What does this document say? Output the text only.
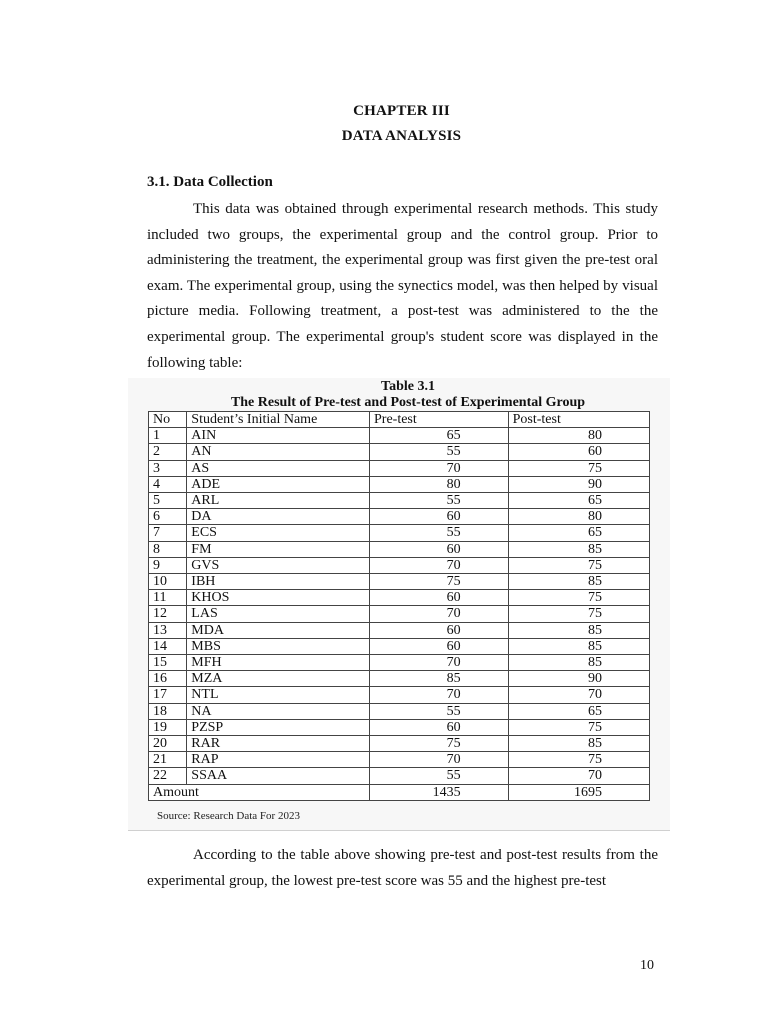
CHAPTER III
DATA ANALYSIS
3.1. Data Collection

This data was obtained through experimental research methods. This study included two groups, the experimental group and the control group. Prior to administering the treatment, the experimental group was first given the pre-test oral exam. The experimental group, using the synectics model, was then helped by visual picture media. Following treatment, a post-test was administered to the the experimental group. The experimental group's student score was displayed in the following table:

Table 3.1
The Result of Pre-test and Post-test of Experimental Group
No	Student’s Initial Name	Pre-test	Post-test
1	AIN	65	80
2	AN	55	60
3	AS	70	75
4	ADE	80	90
5	ARL	55	65
6	DA	60	80
7	ECS	55	65
8	FM	60	85
9	GVS	70	75
10	IBH	75	85
11	KHOS	60	75
12	LAS	70	75
13	MDA	60	85
14	MBS	60	85
15	MFH	70	85
16	MZA	85	90
17	NTL	70	70
18	NA	55	65
19	PZSP	60	75
20	RAR	75	85
21	RAP	70	75
22	SSAA	55	70
Amount		1435	1695
Source: Research Data For 2023

According to the table above showing pre-test and post-test results from the experimental group, the lowest pre-test score was 55 and the highest pre-test

10
